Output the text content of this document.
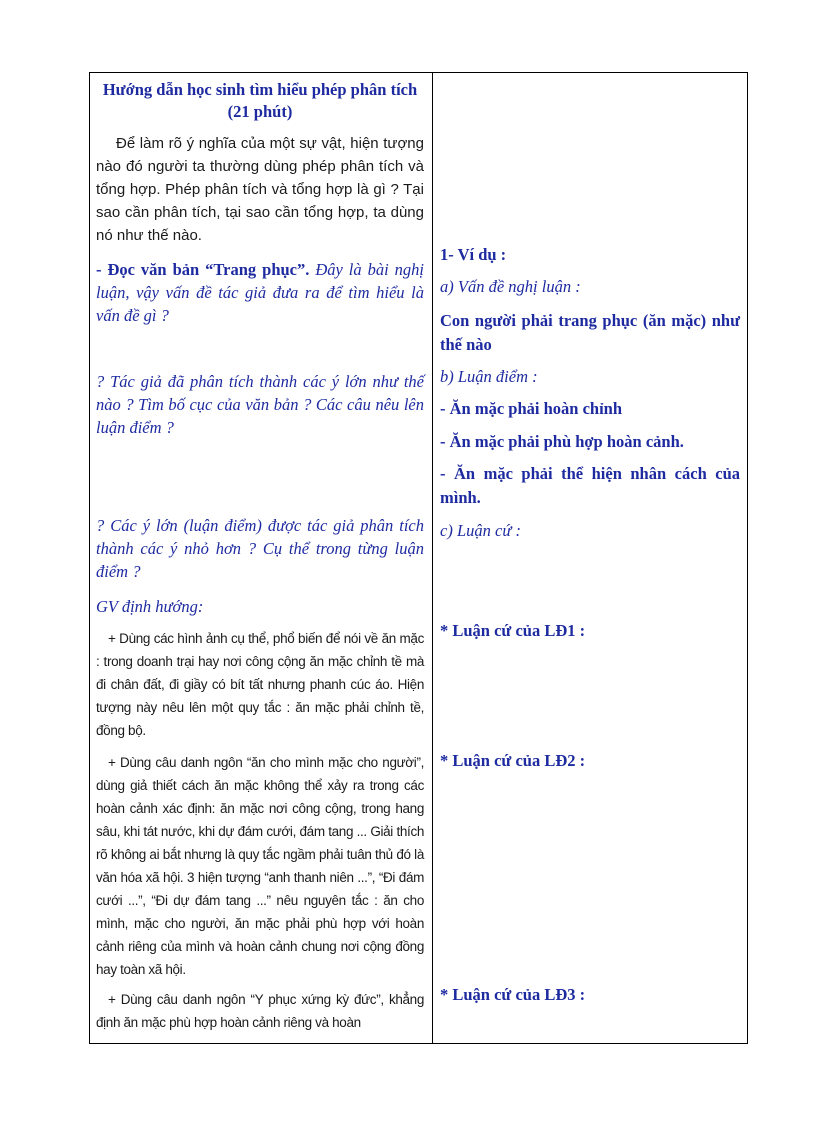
Hướng dẫn học sinh tìm hiểu phép phân tích (21 phút)

Để làm rõ ý nghĩa của một sự vật, hiện tượng nào đó người ta thường dùng phép phân tích và tổng hợp. Phép phân tích và tổng hợp là gì ? Tại sao cần phân tích, tại sao cần tổng hợp, ta dùng nó như thế nào.

- Đọc văn bản “Trang phục”. Đây là bài nghị luận, vậy vấn đề tác giả đưa ra để tìm hiểu là vấn đề gì ?

? Tác giả đã phân tích thành các ý lớn như thế nào ? Tìm bố cục của văn bản ? Các câu nêu lên luận điểm ?

? Các ý lớn (luận điểm) được tác giả phân tích thành các ý nhỏ hơn ? Cụ thể trong từng luận điểm ?

GV định hướng:

+ Dùng các hình ảnh cụ thể, phổ biến để nói về ăn mặc : trong doanh trại hay nơi công cộng ăn mặc chỉnh tề mà đi chân đất, đi giầy có bít tất nhưng phanh cúc áo. Hiện tượng này nêu lên một quy tắc : ăn mặc phải chỉnh tề, đồng bộ.

+ Dùng câu danh ngôn “ăn cho mình mặc cho người”, dùng giả thiết cách ăn mặc không thể xảy ra trong các hoàn cảnh xác định: ăn mặc nơi công cộng, trong hang sâu, khi tát nước, khi dự đám cưới, đám tang ... Giải thích rõ không ai bắt nhưng là quy tắc ngầm phải tuân thủ đó là văn hóa xã hội. 3 hiện tượng “anh thanh niên ...”, “Đi đám cưới ...”, “Đi dự đám tang ...” nêu nguyên tắc : ăn cho mình, mặc cho người, ăn mặc phải phù hợp với hoàn cảnh riêng của mình và hoàn cảnh chung nơi cộng đồng hay toàn xã hội.

+ Dùng câu danh ngôn “Y phục xứng kỳ đức”, khẳng định ăn mặc phù hợp hoàn cảnh riêng và hoàn

1- Ví dụ :

a) Vấn đề nghị luận :

Con người phải trang phục (ăn mặc) như thế nào

b) Luận điểm :

- Ăn mặc phải hoàn chỉnh

- Ăn mặc phải phù hợp hoàn cảnh.

- Ăn mặc phải thể hiện nhân cách của mình.

c) Luận cứ :

* Luận cứ của LĐ1 :

* Luận cứ của LĐ2 :

* Luận cứ của LĐ3 :
